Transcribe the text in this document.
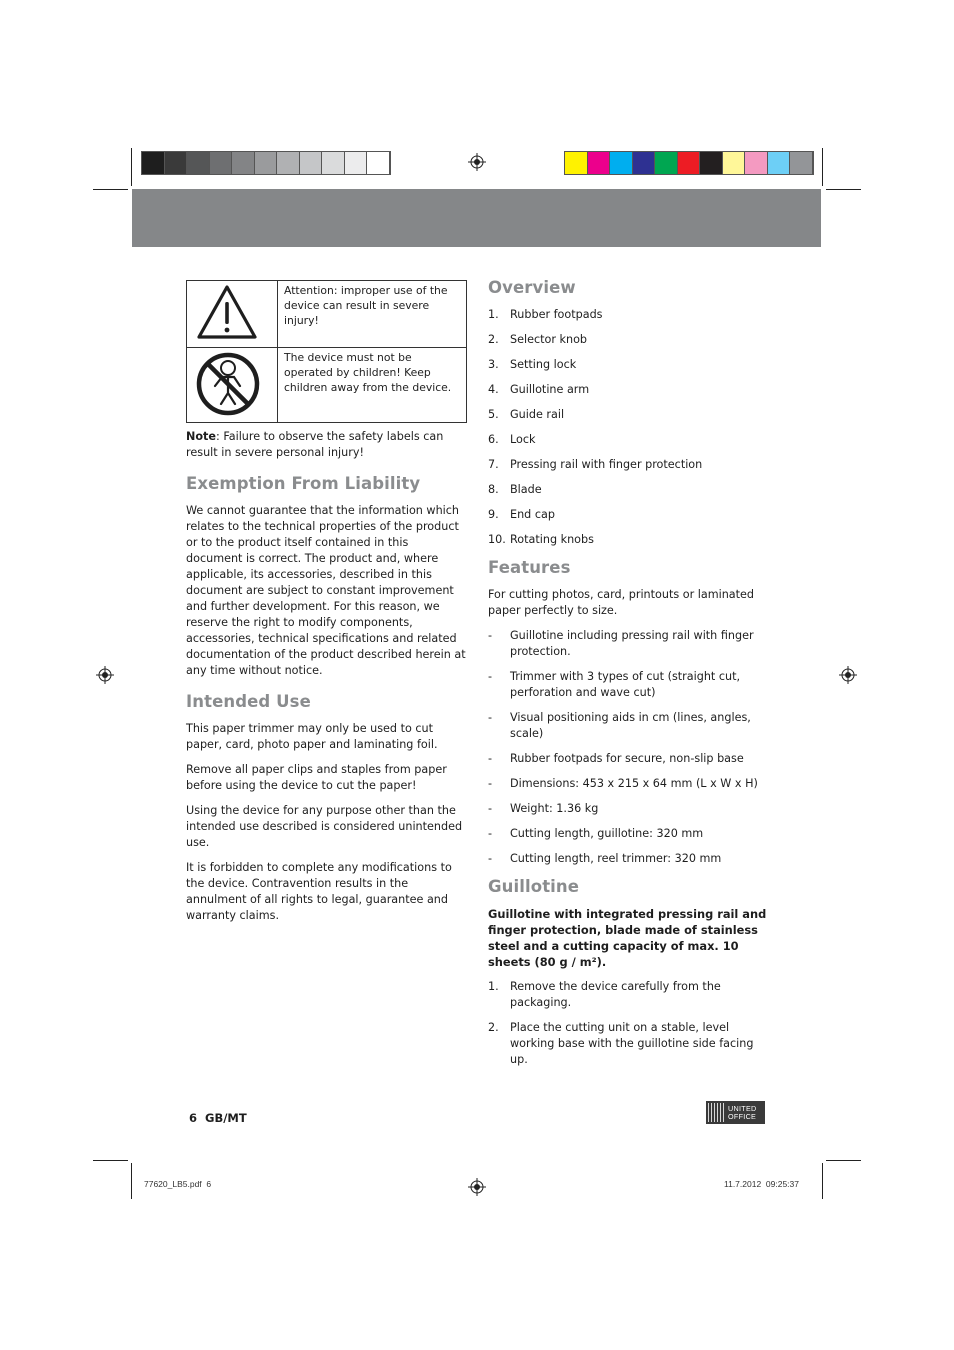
	Attention: improper use of the device can result in severe injury!
	The device must not be operated by children! Keep children away from the device.

Note: Failure to observe the safety labels can result in severe personal injury!

Exemption From Liability

We cannot guarantee that the information which relates to the technical properties of the product or to the product itself contained in this document is correct. The product and, where applicable, its accessories, described in this document are subject to constant improvement and further development. For this reason, we reserve the right to modify components, accessories, technical specifications and related documentation of the product described herein at any time without notice.

Intended Use

This paper trimmer may only be used to cut paper, card, photo paper and laminating foil.

Remove all paper clips and staples from paper before using the device to cut the paper!

Using the device for any purpose other than the intended use described is considered unintended use.

It is forbidden to complete any modifications to the device. Contravention results in the annulment of all rights to legal, guarantee and warranty claims.

Overview
1. Rubber footpads
2. Selector knob
3. Setting lock
4. Guillotine arm
5. Guide rail
6. Lock
7. Pressing rail with finger protection
8. Blade
9. End cap
10. Rotating knobs
Features

For cutting photos, card, printouts or laminated paper perfectly to size.

- Guillotine including pressing rail with finger protection.
- Trimmer with 3 types of cut (straight cut, perforation and wave cut)
- Visual positioning aids in cm (lines, angles, scale)
- Rubber footpads for secure, non-slip base
- Dimensions: 453 x 215 x 64 mm (L x W x H)
- Weight: 1.36 kg
- Cutting length, guillotine: 320 mm
- Cutting length, reel trimmer: 320 mm
Guillotine

Guillotine with integrated pressing rail and finger protection, blade made of stainless steel and a cutting capacity of max. 10 sheets (80 g / m²).

1. Remove the device carefully from the packaging.
2. Place the cutting unit on a stable, level working base with the guillotine side facing up.
6 GB/MT
UNITED
OFFICE
77620_LB5.pdf  6	11.7.2012  09:25:37
